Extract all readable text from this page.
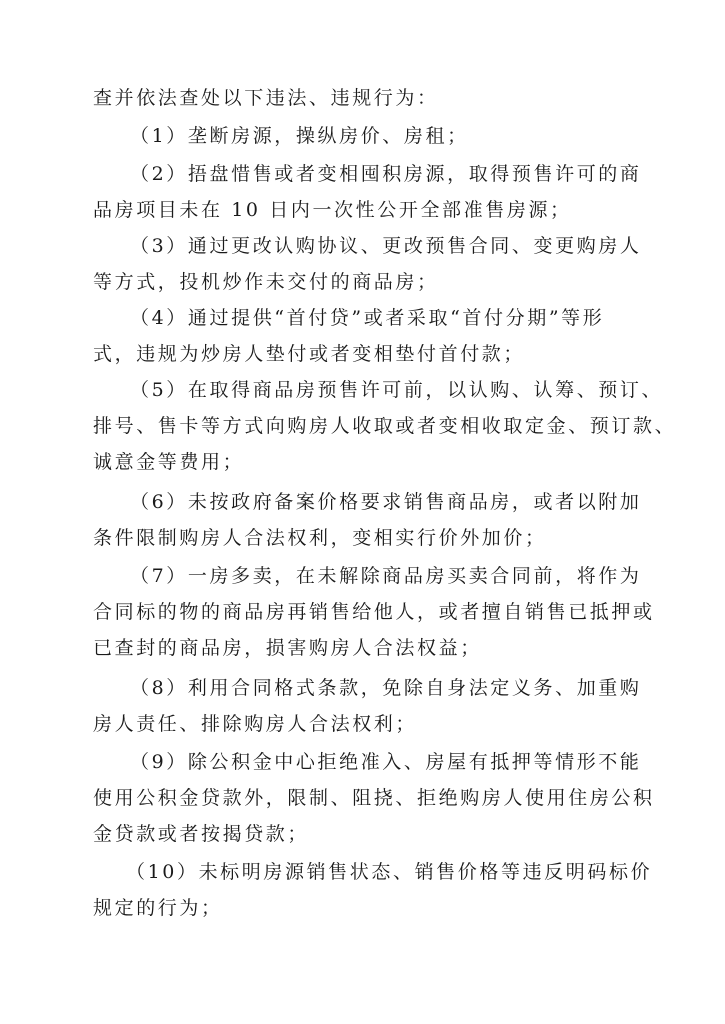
查并依法查处以下违法、违规行为：
（1）垄断房源，操纵房价、房租；
（2）捂盘惜售或者变相囤积房源，取得预售许可的商
品房项目未在 10 日内一次性公开全部准售房源；
（3）通过更改认购协议、更改预售合同、变更购房人
等方式，投机炒作未交付的商品房；
（4）通过提供“首付贷”或者采取“首付分期”等形
式，违规为炒房人垫付或者变相垫付首付款；
（5）在取得商品房预售许可前，以认购、认筹、预订、
排号、售卡等方式向购房人收取或者变相收取定金、预订款、
诚意金等费用；
（6）未按政府备案价格要求销售商品房，或者以附加
条件限制购房人合法权利，变相实行价外加价；
（7）一房多卖，在未解除商品房买卖合同前，将作为
合同标的物的商品房再销售给他人，或者擅自销售已抵押或
已查封的商品房，损害购房人合法权益；
（8）利用合同格式条款，免除自身法定义务、加重购
房人责任、排除购房人合法权利；
（9）除公积金中心拒绝准入、房屋有抵押等情形不能
使用公积金贷款外，限制、阻挠、拒绝购房人使用住房公积
金贷款或者按揭贷款；
（10）未标明房源销售状态、销售价格等违反明码标价
规定的行为；
